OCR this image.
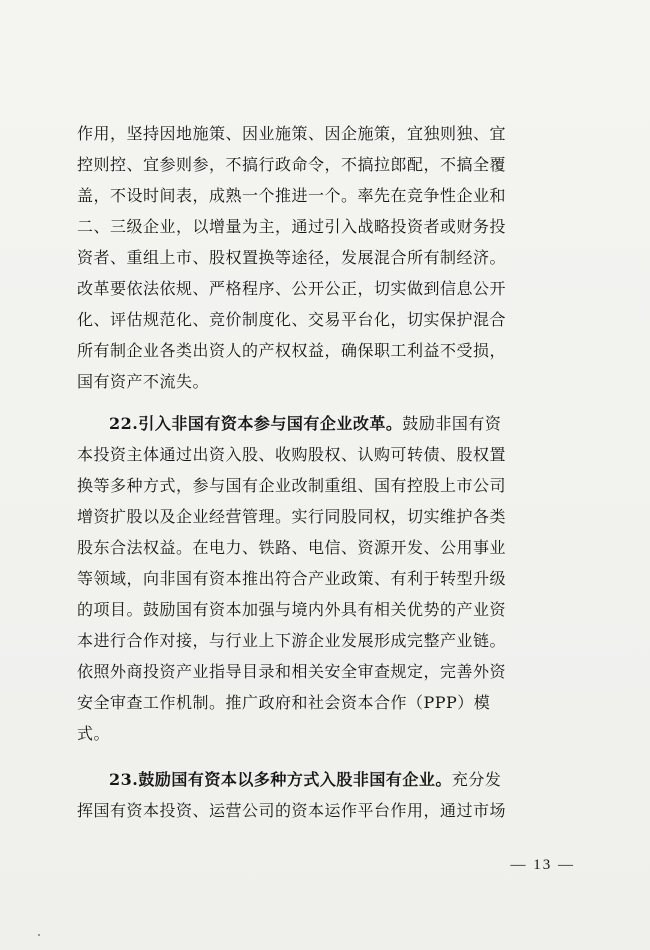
作用，坚持因地施策、因业施策、因企施策，宜独则独、宜
控则控、宜参则参，不搞行政命令，不搞拉郎配，不搞全覆
盖，不设时间表，成熟一个推进一个。率先在竞争性企业和
二、三级企业，以增量为主，通过引入战略投资者或财务投
资者、重组上市、股权置换等途径，发展混合所有制经济。
改革要依法依规、严格程序、公开公正，切实做到信息公开
化、评估规范化、竞价制度化、交易平台化，切实保护混合
所有制企业各类出资人的产权权益，确保职工利益不受损，
国有资产不流失。
22.引入非国有资本参与国有企业改革。鼓励非国有资
本投资主体通过出资入股、收购股权、认购可转债、股权置
换等多种方式，参与国有企业改制重组、国有控股上市公司
增资扩股以及企业经营管理。实行同股同权，切实维护各类
股东合法权益。在电力、铁路、电信、资源开发、公用事业
等领域，向非国有资本推出符合产业政策、有利于转型升级
的项目。鼓励国有资本加强与境内外具有相关优势的产业资
本进行合作对接，与行业上下游企业发展形成完整产业链。
依照外商投资产业指导目录和相关安全审查规定，完善外资
安全审查工作机制。推广政府和社会资本合作（PPP）模
式。
23.鼓励国有资本以多种方式入股非国有企业。充分发
挥国有资本投资、运营公司的资本运作平台作用，通过市场
— 13 —
